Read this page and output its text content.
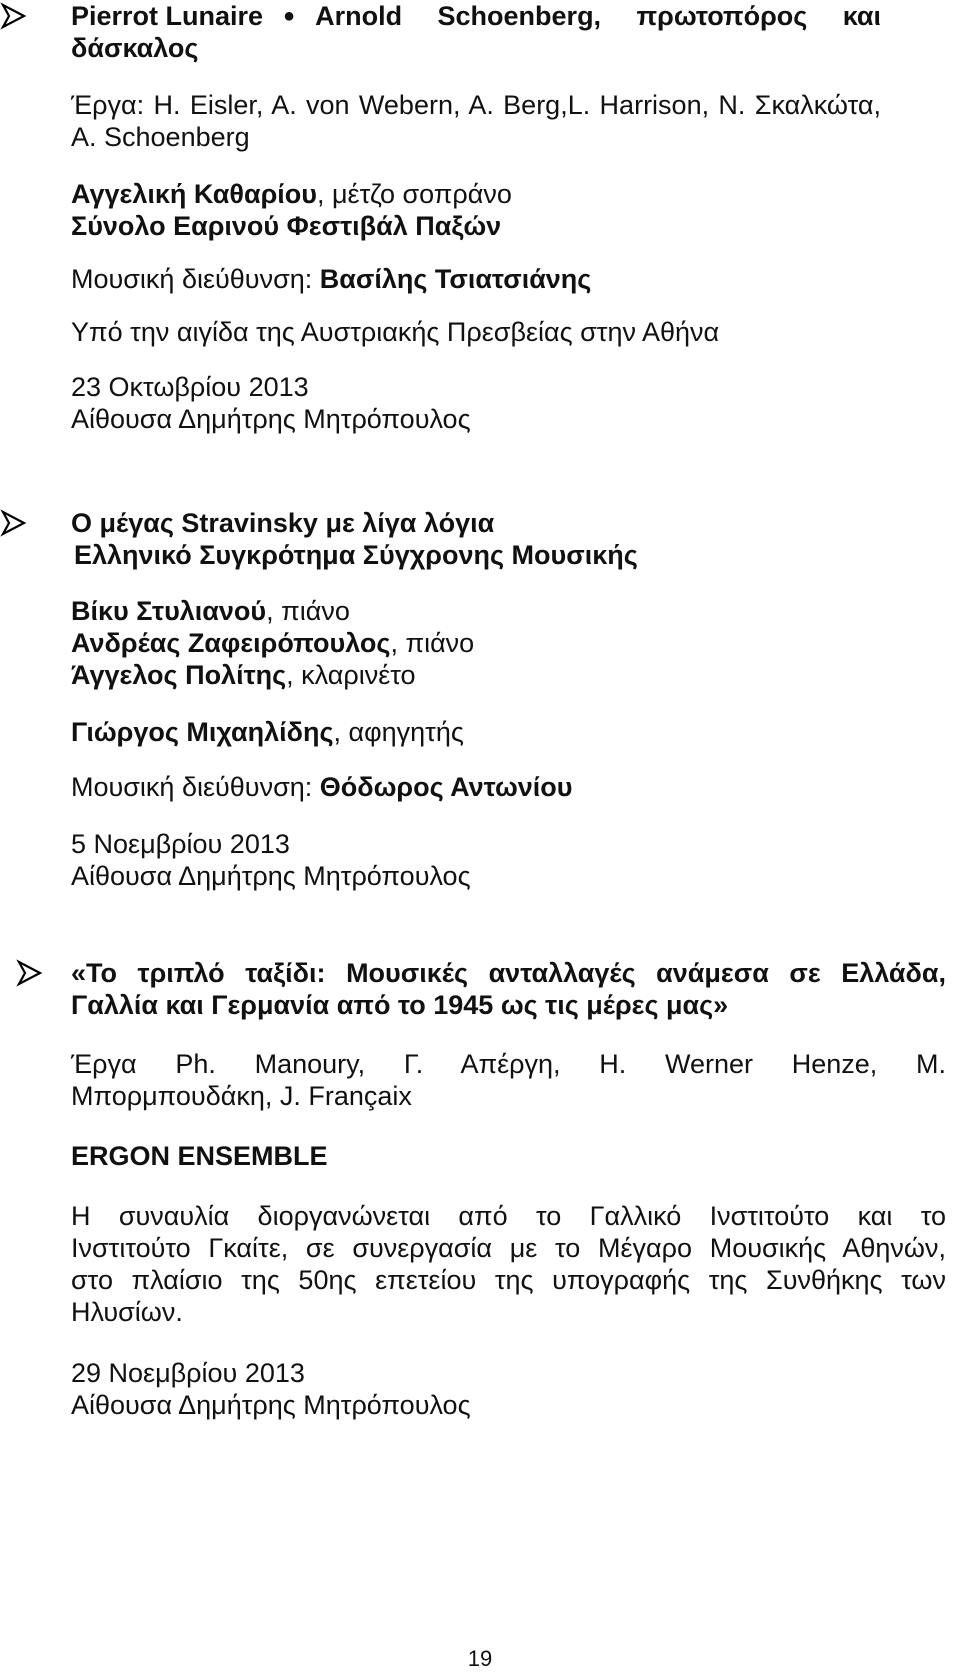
Pierrot Lunaire ● Arnold Schoenberg, πρωτοπόρος και
δάσκαλος
Έργα: H. Eisler, A. von Webern, A. Berg,L. Harrison, N. Σκαλκώτα,
A. Schoenberg
Αγγελική Καθαρίου, μέτζο σοπράνο
Σύνολο Εαρινού Φεστιβάλ Παξών
Μουσική διεύθυνση: Βασίλης Τσιατσιάνης
Υπό την αιγίδα της Αυστριακής Πρεσβείας στην Αθήνα
23 Οκτωβρίου 2013
Αίθουσα Δημήτρης Μητρόπουλος
Ο μέγας Stravinsky με λίγα λόγια
Ελληνικό Συγκρότημα Σύγχρονης Μουσικής
Βίκυ Στυλιανού, πιάνο
Ανδρέας Ζαφειρόπουλος, πιάνο
Άγγελος Πολίτης, κλαρινέτο
Γιώργος Μιχαηλίδης, αφηγητής
Μουσική διεύθυνση: Θόδωρος Αντωνίου
5 Νοεμβρίου 2013
Αίθουσα Δημήτρης Μητρόπουλος
«Το τριπλό ταξίδι: Μουσικές ανταλλαγές ανάμεσα σε Ελλάδα,
Γαλλία και Γερμανία από το 1945 ως τις μέρες μας»
Έργα Ph. Manoury, Γ. Απέργη, H. Werner Henze, M.
Μπορμπουδάκη, J. Françaix
ERGON ENSEMBLE
Η συναυλία διοργανώνεται από το Γαλλικό Ινστιτούτο και το
Ινστιτούτο Γκαίτε, σε συνεργασία με το Μέγαρο Μουσικής Αθηνών,
στο πλαίσιο της 50ης επετείου της υπογραφής της Συνθήκης των
Ηλυσίων.
29 Νοεμβρίου 2013
Αίθουσα Δημήτρης Μητρόπουλος
19
